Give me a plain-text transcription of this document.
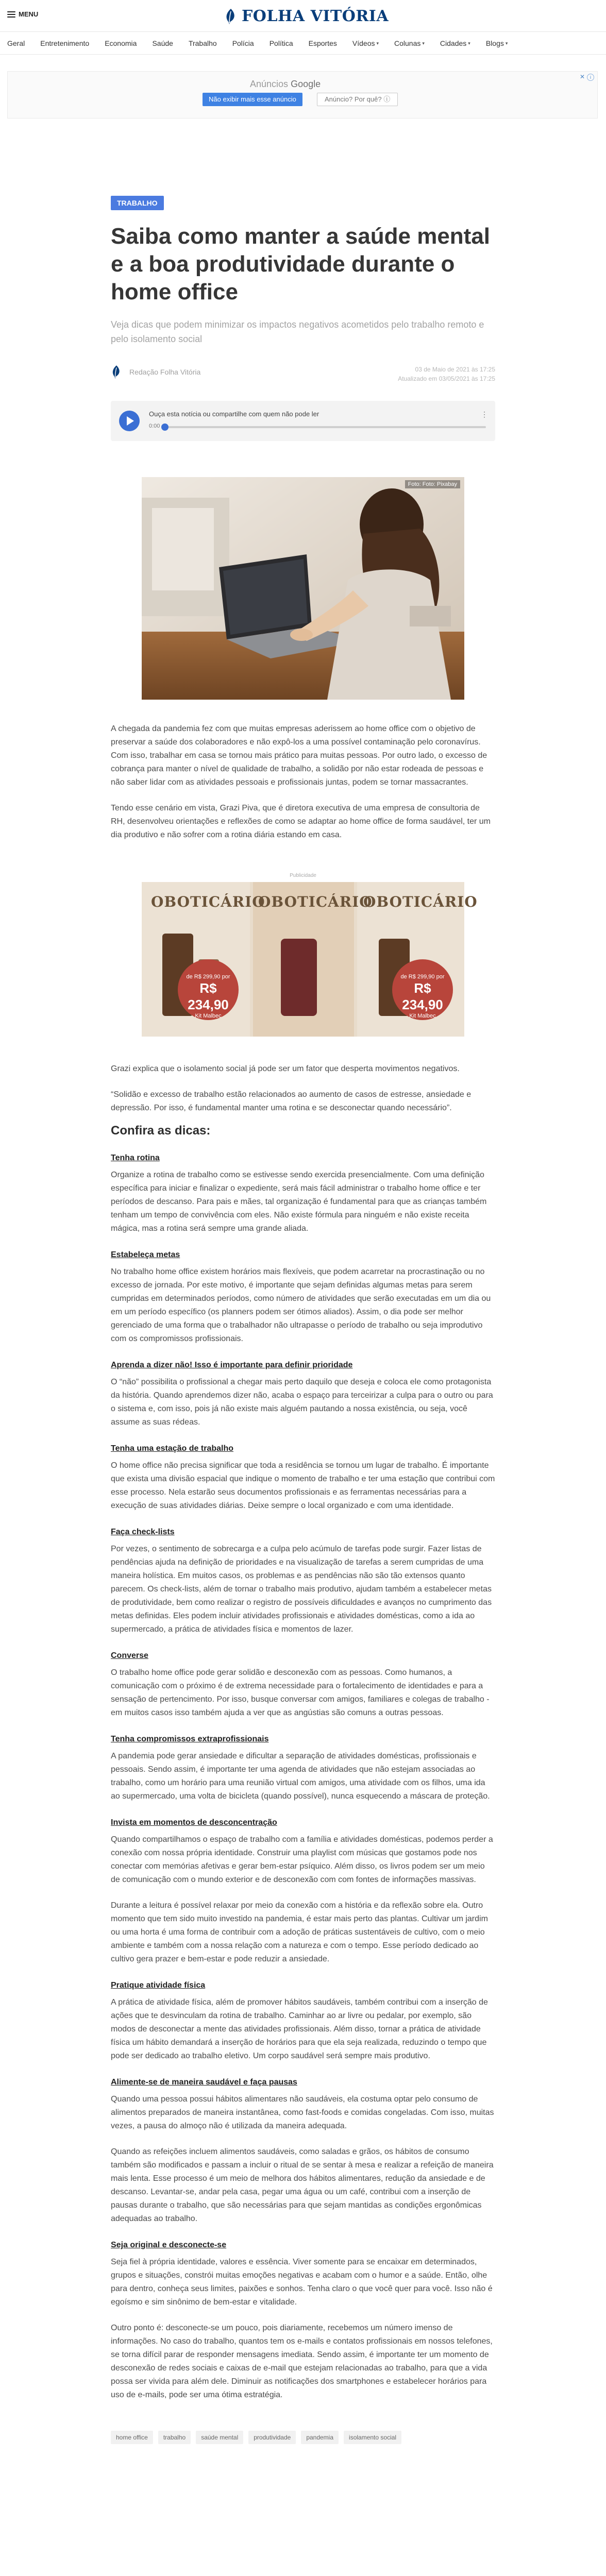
MENU	FOLHA VITÓRIA
Geral Entretenimento Economia Saúde Trabalho Polícia Política Esportes Vídeos ▾ Colunas ▾ Cidades ▾ Blogs ▾
✕	i
Anúncios Google
Não exibir mais esse anúncio	Anúncio? Por quê? ⓘ
TRABALHO
Saiba como manter a saúde mental e a boa produtividade durante o home office

Veja dicas que podem minimizar os impactos negativos acometidos pelo trabalho remoto e pelo isolamento social

Redação Folha Vitória	03 de Maio de 2021 às 17:25
Atualizado em 03/05/2021 às 17:25
Ouça esta notícia ou compartilhe com quem não pode ler
0:00
⋮
Foto: Foto: Pixabay

A chegada da pandemia fez com que muitas empresas aderissem ao home office com o objetivo de preservar a saúde dos colaboradores e não expô-los a uma possível contaminação pelo coronavírus. Com isso, trabalhar em casa se tornou mais prático para muitas pessoas. Por outro lado, o excesso de cobrança para manter o nível de qualidade de trabalho, a solidão por não estar rodeada de pessoas e não saber lidar com as atividades pessoais e profissionais juntas, podem se tornar massacrantes.

Tendo esse cenário em vista, Grazi Piva, que é diretora executiva de uma empresa de consultoria de RH, desenvolveu orientações e reflexões de como se adaptar ao home office de forma saudável, ter um dia produtivo e não sofrer com a rotina diária estando em casa.

Publicidade
OBOTICÁRIO
OBOTICÁRIO
OBOTICÁRIO
de R$ 299,90 por
R$ 234,90
Kit Malbec
de R$ 299,90 por
R$ 234,90
Kit Malbec

Grazi explica que o isolamento social já pode ser um fator que desperta movimentos negativos.

“Solidão e excesso de trabalho estão relacionados ao aumento de casos de estresse, ansiedade e depressão. Por isso, é fundamental manter uma rotina e se desconectar quando necessário”.

Confira as dicas:
Tenha rotina

Organize a rotina de trabalho como se estivesse sendo exercida presencialmente. Com uma definição específica para iniciar e finalizar o expediente, será mais fácil administrar o trabalho home office e ter períodos de descanso. Para pais e mães, tal organização é fundamental para que as crianças também tenham um tempo de convivência com eles. Não existe fórmula para ninguém e não existe receita mágica, mas a rotina será sempre uma grande aliada.

Estabeleça metas

No trabalho home office existem horários mais flexíveis, que podem acarretar na procrastinação ou no excesso de jornada. Por este motivo, é importante que sejam definidas algumas metas para serem cumpridas em determinados períodos, como número de atividades que serão executadas em um dia ou em um período específico (os planners podem ser ótimos aliados). Assim, o dia pode ser melhor gerenciado de uma forma que o trabalhador não ultrapasse o período de trabalho ou seja improdutivo com os compromissos profissionais.

Aprenda a dizer não! Isso é importante para definir prioridade

O “não” possibilita o profissional a chegar mais perto daquilo que deseja e coloca ele como protagonista da história. Quando aprendemos dizer não, acaba o espaço para terceirizar a culpa para o outro ou para o sistema e, com isso, pois já não existe mais alguém pautando a nossa existência, ou seja, você assume as suas rédeas.

Tenha uma estação de trabalho

O home office não precisa significar que toda a residência se tornou um lugar de trabalho. É importante que exista uma divisão espacial que indique o momento de trabalho e ter uma estação que contribui com esse processo. Nela estarão seus documentos profissionais e as ferramentas necessárias para a execução de suas atividades diárias. Deixe sempre o local organizado e com uma identidade.

Faça check-lists

Por vezes, o sentimento de sobrecarga e a culpa pelo acúmulo de tarefas pode surgir. Fazer listas de pendências ajuda na definição de prioridades e na visualização de tarefas a serem cumpridas de uma maneira holística. Em muitos casos, os problemas e as pendências não são tão extensos quanto parecem. Os check-lists, além de tornar o trabalho mais produtivo, ajudam também a estabelecer metas de produtividade, bem como realizar o registro de possíveis dificuldades e avanços no cumprimento das metas definidas. Eles podem incluir atividades profissionais e atividades domésticas, como a ida ao supermercado, a prática de atividades física e momentos de lazer.

Converse

O trabalho home office pode gerar solidão e desconexão com as pessoas. Como humanos, a comunicação com o próximo é de extrema necessidade para o fortalecimento de identidades e para a sensação de pertencimento. Por isso, busque conversar com amigos, familiares e colegas de trabalho - em muitos casos isso também ajuda a ver que as angústias são comuns a outras pessoas.

Tenha compromissos extraprofissionais

A pandemia pode gerar ansiedade e dificultar a separação de atividades domésticas, profissionais e pessoais. Sendo assim, é importante ter uma agenda de atividades que não estejam associadas ao trabalho, como um horário para uma reunião virtual com amigos, uma atividade com os filhos, uma ida ao supermercado, uma volta de bicicleta (quando possível), nunca esquecendo a máscara de proteção.

Invista em momentos de desconcentração

Quando compartilhamos o espaço de trabalho com a família e atividades domésticas, podemos perder a conexão com nossa própria identidade. Construir uma playlist com músicas que gostamos pode nos conectar com memórias afetivas e gerar bem-estar psíquico. Além disso, os livros podem ser um meio de comunicação com o mundo exterior e de desconexão com com fontes de informações massivas.

Durante a leitura é possível relaxar por meio da conexão com a história e da reflexão sobre ela. Outro momento que tem sido muito investido na pandemia, é estar mais perto das plantas. Cultivar um jardim ou uma horta é uma forma de contribuir com a adoção de práticas sustentáveis de cultivo, com o meio ambiente e também com a nossa relação com a natureza e com o tempo. Esse período dedicado ao cultivo gera prazer e bem-estar e pode reduzir a ansiedade.

Pratique atividade física

A prática de atividade física, além de promover hábitos saudáveis, também contribui com a inserção de ações que te desvinculam da rotina de trabalho. Caminhar ao ar livre ou pedalar, por exemplo, são modos de desconectar a mente das atividades profissionais. Além disso, tornar a prática de atividade física um hábito demandará a inserção de horários para que ela seja realizada, reduzindo o tempo que pode ser dedicado ao trabalho eletivo. Um corpo saudável será sempre mais produtivo.

Alimente-se de maneira saudável e faça pausas

Quando uma pessoa possui hábitos alimentares não saudáveis, ela costuma optar pelo consumo de alimentos preparados de maneira instantânea, como fast-foods e comidas congeladas. Com isso, muitas vezes, a pausa do almoço não é utilizada da maneira adequada.

Quando as refeições incluem alimentos saudáveis, como saladas e grãos, os hábitos de consumo também são modificados e passam a incluir o ritual de se sentar à mesa e realizar a refeição de maneira mais lenta. Esse processo é um meio de melhora dos hábitos alimentares, redução da ansiedade e de descanso. Levantar-se, andar pela casa, pegar uma água ou um café, contribui com a inserção de pausas durante o trabalho, que são necessárias para que sejam mantidas as condições ergonômicas adequadas ao trabalho.

Seja original e desconecte-se

Seja fiel à própria identidade, valores e essência. Viver somente para se encaixar em determinados, grupos e situações, constrói muitas emoções negativas e acabam com o humor e a saúde. Então, olhe para dentro, conheça seus limites, paixões e sonhos. Tenha claro o que você quer para você. Isso não é egoísmo e sim sinônimo de bem-estar e vitalidade.

Outro ponto é: desconecte-se um pouco, pois diariamente, recebemos um número imenso de informações. No caso do trabalho, quantos tem os e-mails e contatos profissionais em nossos telefones, se torna difícil parar de responder mensagens imediata. Sendo assim, é importante ter um momento de desconexão de redes sociais e caixas de e-mail que estejam relacionadas ao trabalho, para que a vida possa ser vivida para além dele. Diminuir as notificações dos smartphones e estabelecer horários para uso de e-mails, pode ser uma ótima estratégia.

home office	trabalho	saúde mental	produtividade	pandemia	isolamento social
